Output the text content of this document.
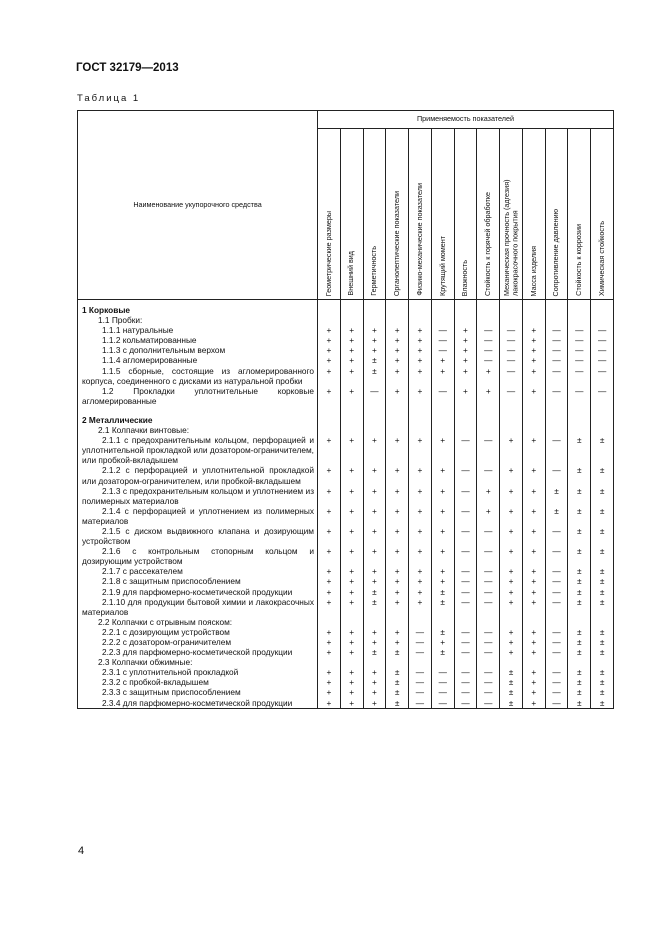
ГОСТ 32179—2013
Таблица 1
Наименование укупорочного средства	Применяемость показателей												

	Геометрические размеры	Внешний вид	Герметичность	Органолептические показатели	Физико-механические показатели	Крутящий момент	Влажность	Стойкость к горячей обработке	Механическая прочность (адгезия) лакокрасочного покрытия	Масса изделия	Сопротивление давлению	Стойкость к коррозии	Химическая стойкость

1 Корковые													
1.1 Пробки:													
1.1.1 натуральные	+	+	+	+	+	—	+	—	—	+	—	—	—
1.1.2 кольматированные	+	+	+	+	+	—	+	—	—	+	—	—	—
1.1.3 с дополнительным верхом	+	+	+	+	+	—	+	—	—	+	—	—	—
1.1.4 агломерированные	+	+	±	+	+	+	+	—	—	+	—	—	—
1.1.5 сборные, состоящие из агломерированного корпуса, соединенного с дисками из натуральной пробки	+	+	±	+	+	+	+	+	—	+	—	—	—
1.2 Прокладки уплотнительные корковые агломерированные	+	+	—	+	+	—	+	+	—	+	—	—	—

2 Металлические													
2.1 Колпачки винтовые:													
2.1.1 с предохранительным кольцом, перфорацией и уплотнительной прокладкой или дозатором-ограничителем, или пробкой-вкладышем	+	+	+	+	+	+	—	—	+	+	—	±	±
2.1.2 с перфорацией и уплотнительной прокладкой или дозатором-ограничителем, или пробкой-вкладышем	+	+	+	+	+	+	—	—	+	+	—	±	±
2.1.3 с предохранительным кольцом и уплотнением из полимерных материалов	+	+	+	+	+	+	—	+	+	+	±	±	±
2.1.4 с перфорацией и уплотнением из полимерных материалов	+	+	+	+	+	+	—	+	+	+	±	±	±
2.1.5 с диском выдвижного клапана и дозирующим устройством	+	+	+	+	+	+	—	—	+	+	—	±	±
2.1.6 с контрольным стопорным кольцом и дозирующим устройством	+	+	+	+	+	+	—	—	+	+	—	±	±
2.1.7 с рассекателем	+	+	+	+	+	+	—	—	+	+	—	±	±
2.1.8 с защитным приспособлением	+	+	+	+	+	+	—	—	+	+	—	±	±
2.1.9 для парфюмерно-косметической продукции	+	+	±	+	+	±	—	—	+	+	—	±	±
2.1.10 для продукции бытовой химии и лакокрасочных материалов	+	+	±	+	+	±	—	—	+	+	—	±	±
2.2 Колпачки с отрывным пояском:													
2.2.1 с дозирующим устройством	+	+	+	+	—	±	—	—	+	+	—	±	±
2.2.2 с дозатором-ограничителем	+	+	+	+	—	+	—	—	+	+	—	±	±
2.2.3 для парфюмерно-косметической продукции	+	+	±	±	—	±	—	—	+	+	—	±	±
2.3 Колпачки обжимные:													
2.3.1 с уплотнительной прокладкой	+	+	+	±	—	—	—	—	±	+	—	±	±
2.3.2 с пробкой-вкладышем	+	+	+	±	—	—	—	—	±	+	—	±	±
2.3.3 с защитным приспособлением	+	+	+	±	—	—	—	—	±	+	—	±	±
2.3.4 для парфюмерно-косметической продукции	+	+	+	±	—	—	—	—	±	+	—	±	±
4
